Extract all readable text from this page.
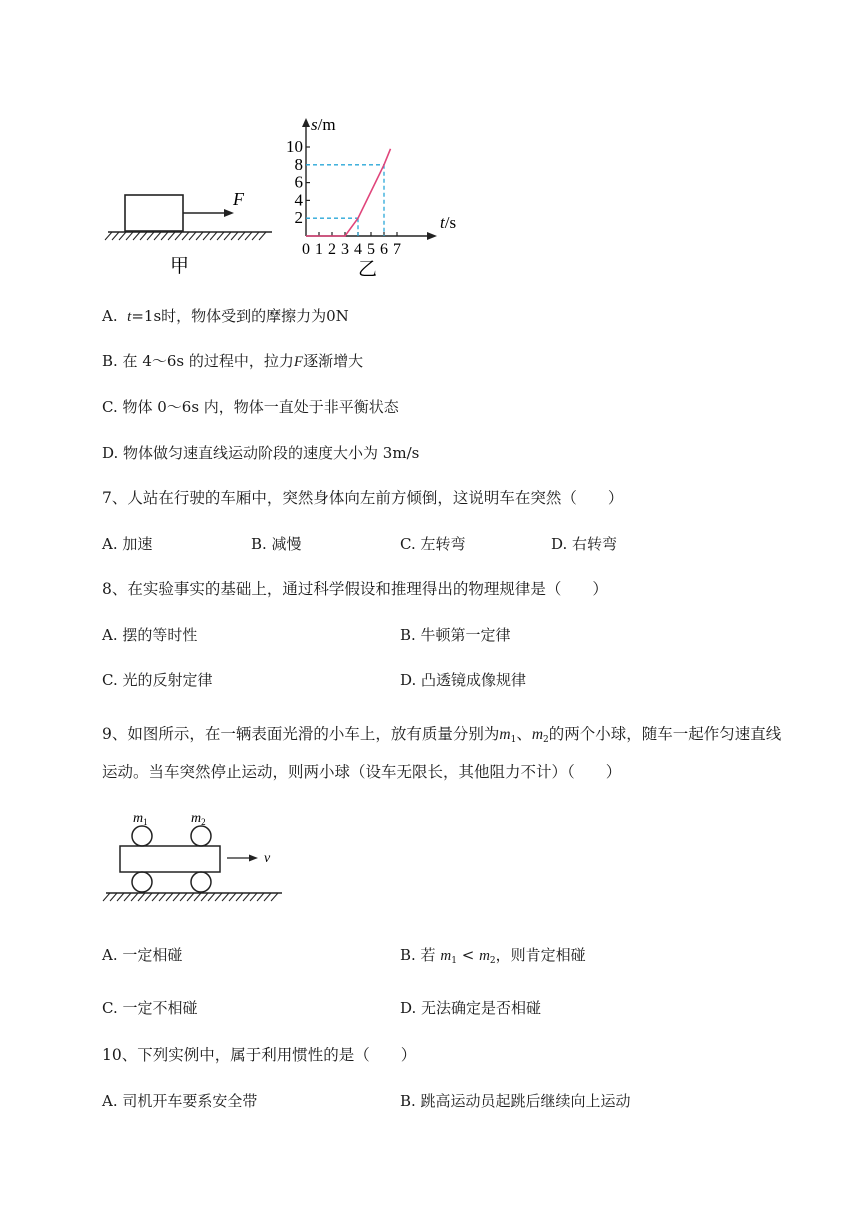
F
甲
s/m
t/s
10
8
6
4
2
0 1 2 3 4 5 6 7
乙
A. t=1s时，物体受到的摩擦力为0N
B. 在 4～6s 的过程中，拉力F逐渐增大
C. 物体 0～6s 内，物体一直处于非平衡状态
D. 物体做匀速直线运动阶段的速度大小为 3m/s
7、人站在行驶的车厢中，突然身体向左前方倾倒，这说明车在突然（　　）
A. 加速	B. 减慢	C. 左转弯	D. 右转弯
8、在实验事实的基础上，通过科学假设和推理得出的物理规律是（　　）
A. 摆的等时性	B. 牛顿第一定律
C. 光的反射定律	D. 凸透镜成像规律
9、如图所示，在一辆表面光滑的小车上，放有质量分别为$m_1$、$m_2$的两个小球，随车一起作匀速直线
运动。当车突然停止运动，则两小球（设车无限长，其他阻力不计）（　　）
$m_1$	$m_2$
v
A. 一定相碰	B. 若 $m_1 < m_2$，则肯定相碰
C. 一定不相碰	D. 无法确定是否相碰
10、下列实例中，属于利用惯性的是（　　）
A. 司机开车要系安全带	B. 跳高运动员起跳后继续向上运动
